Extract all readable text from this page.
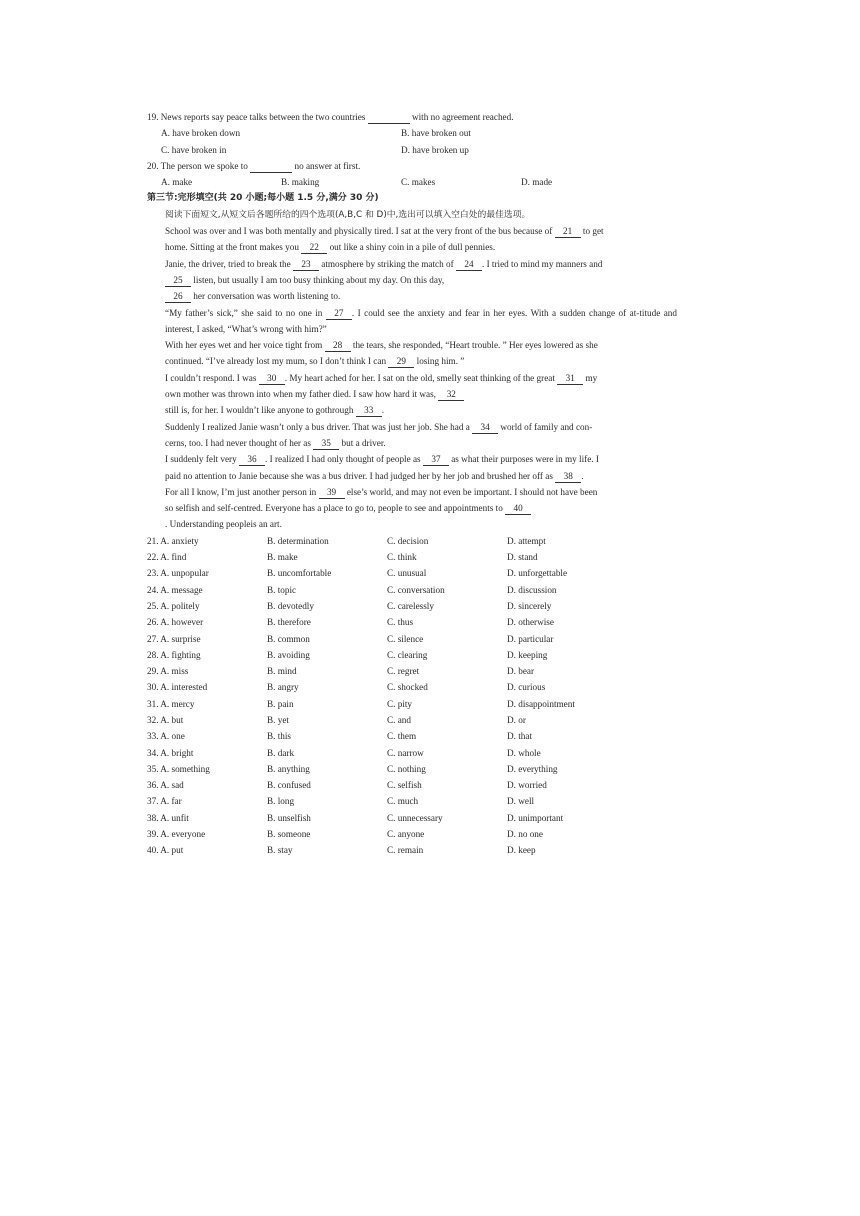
19. News reports say peace talks between the two countries	with no agreement reached.
A. have broken down	B. have broken out
C. have broken in	D. have broken up
20. The person we spoke to	no answer at first.
A. make	B. making	C. makes	D. made
第三节:完形填空(共 20 小题;每小题 1.5 分,满分 30 分)
阅读下面短文,从短文后各题所给的四个选项(A,B,C 和 D)中,选出可以填入空白处的最佳选项。
School was over and I was both mentally and physically tired. I sat at the very front of the bus because of 21 to get
home. Sitting at the front makes you 22 out like a shiny coin in a pile of dull pennies.
Janie, the driver, tried to break the 23 atmosphere by striking the match of 24 . I tried to mind my manners and
25 listen, but usually I am too busy thinking about my day. On this day,
26 her conversation was worth listening to.
“My father’s sick,” she said to no one in 27 . I could see the anxiety and fear in her eyes. With a sudden change of at-titude and interest, I asked, “What’s wrong with him?”
With her eyes wet and her voice tight from 28 the tears, she responded, “Heart trouble. ” Her eyes lowered as she
continued. “I’ve already lost my mum, so I don’t think I can 29 losing him. ”
I couldn’t respond. I was 30 . My heart ached for her. I sat on the old, smelly seat thinking of the great 31 my
own mother was thrown into when my father died. I saw how hard it was, 32
still is, for her. I wouldn’t like anyone to gothrough 33 .
Suddenly I realized Janie wasn’t only a bus driver. That was just her job. She had a 34 world of family and con-
cerns, too. I had never thought of her as 35 but a driver.
I suddenly felt very 36 . I realized I had only thought of people as 37 as what their purposes were in my life. I
paid no attention to Janie because she was a bus driver. I had judged her by her job and brushed her off as 38 .
For all I know, I’m just another person in 39 else’s world, and may not even be important. I should not have been
so selfish and self-centred. Everyone has a place to go to, people to see and appointments to 40
. Understanding peopleis an art.
21. A. anxiety	B. determination	C. decision	D. attempt
22. A. find	B. make	C. think	D. stand
23. A. unpopular	B. uncomfortable	C. unusual	D. unforgettable
24. A. message	B. topic	C. conversation	D. discussion
25. A. politely	B. devotedly	C. carelessly	D. sincerely
26. A. however	B. therefore	C. thus	D. otherwise
27. A. surprise	B. common	C. silence	D. particular
28. A. fighting	B. avoiding	C. clearing	D. keeping
29. A. miss	B. mind	C. regret	D. bear
30. A. interested	B. angry	C. shocked	D. curious
31. A. mercy	B. pain	C. pity	D. disappointment
32. A. but	B. yet	C. and	D. or
33. A. one	B. this	C. them	D. that
34. A. bright	B. dark	C. narrow	D. whole
35. A. something	B. anything	C. nothing	D. everything
36. A. sad	B. confused	C. selfish	D. worried
37. A. far	B. long	C. much	D. well
38. A. unfit	B. unselfish	C. unnecessary	D. unimportant
39. A. everyone	B. someone	C. anyone	D. no one
40. A. put	B. stay	C. remain	D. keep
